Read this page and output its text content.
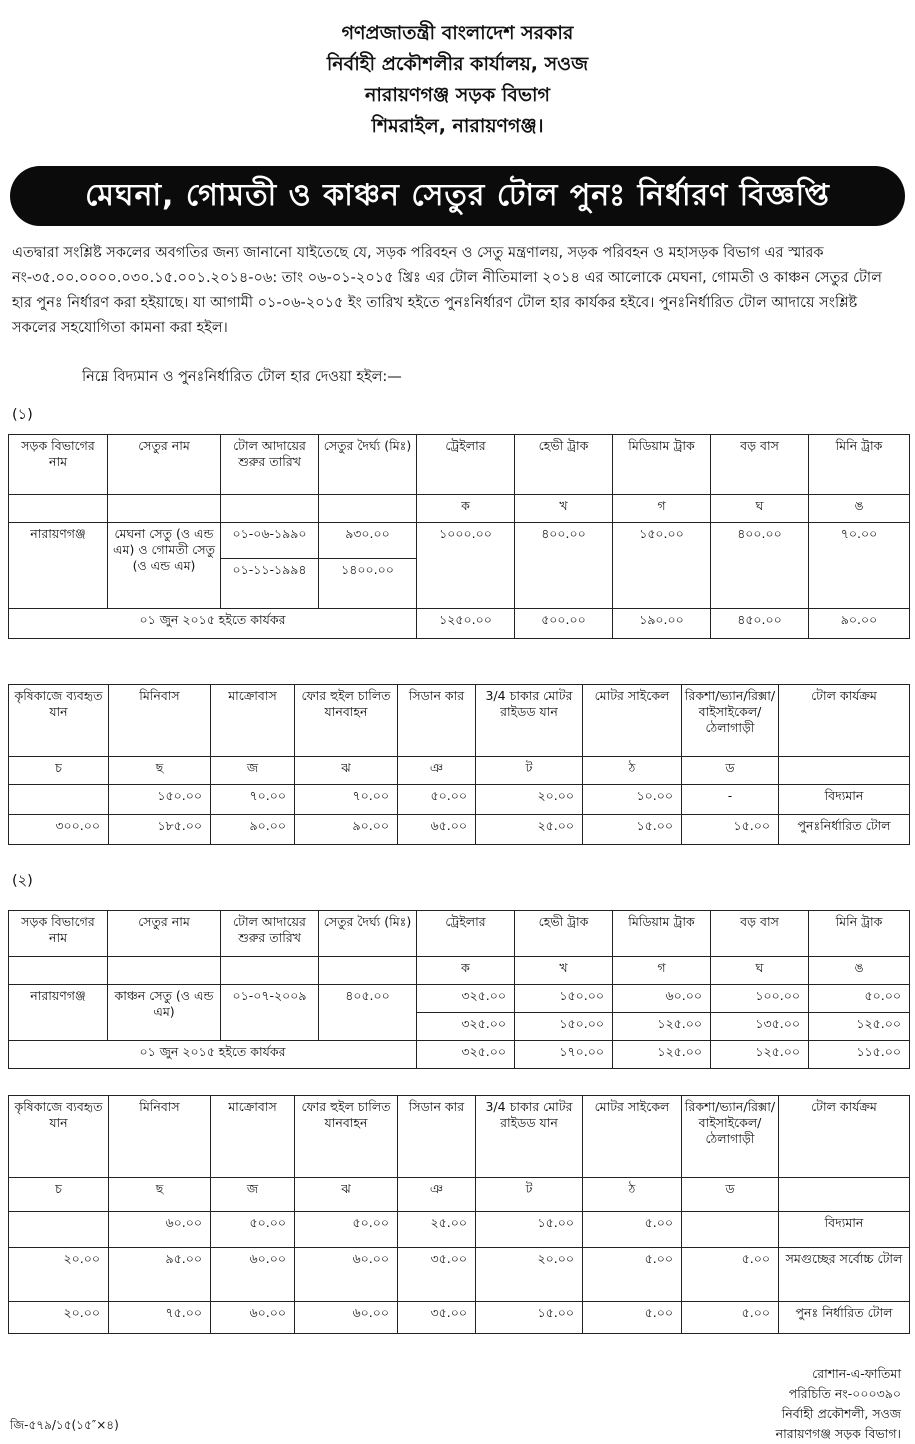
গণপ্রজাতন্ত্রী বাংলাদেশ সরকার
নির্বাহী প্রকৌশলীর কার্যালয়, সওজ
নারায়ণগঞ্জ সড়ক বিভাগ
শিমরাইল, নারায়ণগঞ্জ।
মেঘনা, গোমতী ও কাঞ্চন সেতুর টোল পুনঃ নির্ধারণ বিজ্ঞপ্তি
এতদ্বারা সংশ্লিষ্ট সকলের অবগতির জন্য জানানো যাইতেছে যে, সড়ক পরিবহন ও সেতু মন্ত্রণালয়, সড়ক পরিবহন ও মহাসড়ক বিভাগ এর স্মারক নং-৩৫.০০.০০০০.০৩০.১৫.০০১.২০১৪-০৬: তাং ০৬-০১-২০১৫ খ্রিঃ এর টোল নীতিমালা ২০১৪ এর আলোকে মেঘনা, গোমতী ও কাঞ্চন সেতুর টোল হার পুনঃ নির্ধারণ করা হইয়াছে। যা আগামী ০১-০৬-২০১৫ ইং তারিখ হইতে পুনঃনির্ধারণ টোল হার কার্যকর হইবে। পুনঃনির্ধারিত টোল আদায়ে সংশ্লিষ্ট সকলের সহযোগিতা কামনা করা হইল।
নিম্নে বিদ্যমান ও পুনঃনির্ধারিত টোল হার দেওয়া হইল:—
(১)
সড়ক বিভাগের নাম	সেতুর নাম	টোল আদায়ের শুরুর তারিখ	সেতুর দৈর্ঘ্য (মিঃ)	ট্রেইলার	হেভী ট্রাক	মিডিয়াম ট্রাক	বড় বাস	মিনি ট্রাক
				ক	খ	গ	ঘ	ঙ
নারায়ণগঞ্জ	মেঘনা সেতু (ও এন্ড এম) ও গোমতী সেতু (ও এন্ড এম)	০১-০৬-১৯৯০	৯৩০.০০	১০০০.০০	৪০০.০০	১৫০.০০	৪০০.০০	৭০.০০
		০১-১১-১৯৯৪	১৪০০.০০					
০১ জুন ২০১৫ হইতে কার্যকর				১২৫০.০০	৫০০.০০	১৯০.০০	৪৫০.০০	৯০.০০
কৃষিকাজে ব্যবহৃত যান	মিনিবাস	মাক্রোবাস	ফোর হুইল চালিত যানবাহন	সিডান কার	3/4 চাকার মোটর রাইডড যান	মোটর সাইকেল	রিকশা/ভ্যান/রিক্সা/ বাইসাইকেল/ ঠেলাগাড়ী	টোল কার্যক্রম
চ	ছ	জ	ঝ	ঞ	ট	ঠ	ড	
	১৫০.০০	৭০.০০	৭০.০০	৫০.০০	২০.০০	১০.০০	-	বিদ্যমান
৩০০.০০	১৮৫.০০	৯০.০০	৯০.০০	৬৫.০০	২৫.০০	১৫.০০	১৫.০০	পুনঃনির্ধারিত টোল
(২)
সড়ক বিভাগের নাম	সেতুর নাম	টোল আদায়ের শুরুর তারিখ	সেতুর দৈর্ঘ্য (মিঃ)	ট্রেইলার	হেভী ট্রাক	মিডিয়াম ট্রাক	বড় বাস	মিনি ট্রাক
				ক	খ	গ	ঘ	ঙ
নারায়ণগঞ্জ	কাঞ্চন সেতু (ও এন্ড এম)	০১-০৭-২০০৯	৪০৫.০০	৩২৫.০০	১৫০.০০	৬০.০০	১০০.০০	৫০.০০
				৩২৫.০০	১৫০.০০	১২৫.০০	১৩৫.০০	১২৫.০০
০১ জুন ২০১৫ হইতে কার্যকর				৩২৫.০০	১৭০.০০	১২৫.০০	১২৫.০০	১১৫.০০
কৃষিকাজে ব্যবহৃত যান	মিনিবাস	মাক্রোবাস	ফোর হুইল চালিত যানবাহন	সিডান কার	3/4 চাকার মোটর রাইডড যান	মোটর সাইকেল	রিকশা/ভ্যান/রিক্সা/ বাইসাইকেল/ ঠেলাগাড়ী	টোল কার্যক্রম
চ	ছ	জ	ঝ	ঞ	ট	ঠ	ড	
	৬০.০০	৫০.০০	৫০.০০	২৫.০০	১৫.০০	৫.০০		বিদ্যমান
২০.০০	৯৫.০০	৬০.০০	৬০.০০	৩৫.০০	২০.০০	৫.০০	৫.০০	সমগুচ্ছের সর্বোচ্চ টোল
২০.০০	৭৫.০০	৬০.০০	৬০.০০	৩৫.০০	১৫.০০	৫.০০	৫.০০	পুনঃ নির্ধারিত টোল
রোশান-এ-ফাতিমা
পরিচিতি নং-০০০৩৯০
নির্বাহী প্রকৌশলী, সওজ
নারায়ণগঞ্জ সড়ক বিভাগ।
জি-৫৭৯/১৫(১৫″×৪)
